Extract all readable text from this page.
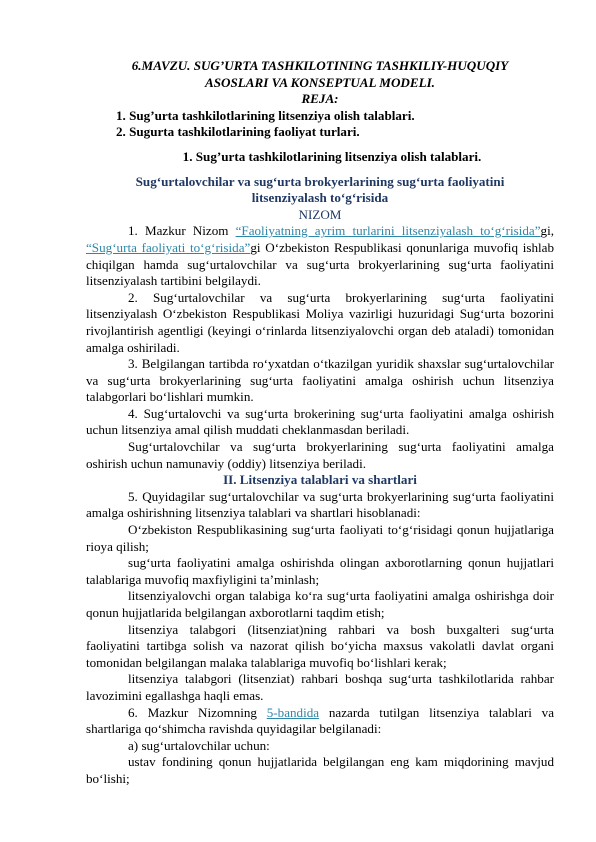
6.MAVZU. SUG’URTA TASHKILOTINING TASHKILIY-HUQUQIY

ASOSLARI VA KONSEPTUAL MODELI.

REJA:

1. Sug’urta tashkilotlarining litsenziya olish talablari.

2. Sugurta tashkilotlarining faoliyat turlari.

1. Sug’urta tashkilotlarining litsenziya olish talablari.

Sug‘urtalovchilar va sug‘urta brokyerlarining sug‘urta faoliyatini

litsenziyalash to‘g‘risida

NIZOM

1. Mazkur Nizom “Faoliyatning ayrim turlarini litsenziyalash to‘g‘risida”gi, “Sug‘urta faoliyati to‘g‘risida”gi O‘zbekiston Respublikasi qonunlariga muvofiq ishlab chiqilgan hamda sug‘urtalovchilar va sug‘urta brokyerlarining sug‘urta faoliyatini litsenziyalash tartibini belgilaydi.

2. Sug‘urtalovchilar va sug‘urta brokyerlarining sug‘urta faoliyatini litsenziyalash O‘zbekiston Respublikasi Moliya vazirligi huzuridagi Sug‘urta bozorini rivojlantirish agentligi (keyingi o‘rinlarda litsenziyalovchi organ deb ataladi) tomonidan amalga oshiriladi.

3. Belgilangan tartibda ro‘yxatdan o‘tkazilgan yuridik shaxslar sug‘urtalovchilar va sug‘urta brokyerlarining sug‘urta faoliyatini amalga oshirish uchun litsenziya talabgorlari bo‘lishlari mumkin.

4. Sug‘urtalovchi va sug‘urta brokerining sug‘urta faoliyatini amalga oshirish uchun litsenziya amal qilish muddati cheklanmasdan beriladi.

Sug‘urtalovchilar va sug‘urta brokyerlarining sug‘urta faoliyatini amalga oshirish uchun namunaviy (oddiy) litsenziya beriladi.

II. Litsenziya talablari va shartlari

5. Quyidagilar sug‘urtalovchilar va sug‘urta brokyerlarining sug‘urta faoliyatini amalga oshirishning litsenziya talablari va shartlari hisoblanadi:

O‘zbekiston Respublikasining sug‘urta faoliyati to‘g‘risidagi qonun hujjatlariga rioya qilish;

sug‘urta faoliyatini amalga oshirishda olingan axborotlarning qonun hujjatlari talablariga muvofiq maxfiyligini ta’minlash;

litsenziyalovchi organ talabiga ko‘ra sug‘urta faoliyatini amalga oshirishga doir qonun hujjatlarida belgilangan axborotlarni taqdim etish;

litsenziya talabgori (litsenziat)ning rahbari va bosh buxgalteri sug‘urta faoliyatini tartibga solish va nazorat qilish bo‘yicha maxsus vakolatli davlat organi tomonidan belgilangan malaka talablariga muvofiq bo‘lishlari kerak;

litsenziya talabgori (litsenziat) rahbari boshqa sug‘urta tashkilotlarida rahbar lavozimini egallashga haqli emas.

6. Mazkur Nizomning 5-bandida nazarda tutilgan litsenziya talablari va shartlariga qo‘shimcha ravishda quyidagilar belgilanadi:

a) sug‘urtalovchilar uchun:

ustav fondining qonun hujjatlarida belgilangan eng kam miqdorining mavjud bo‘lishi;
